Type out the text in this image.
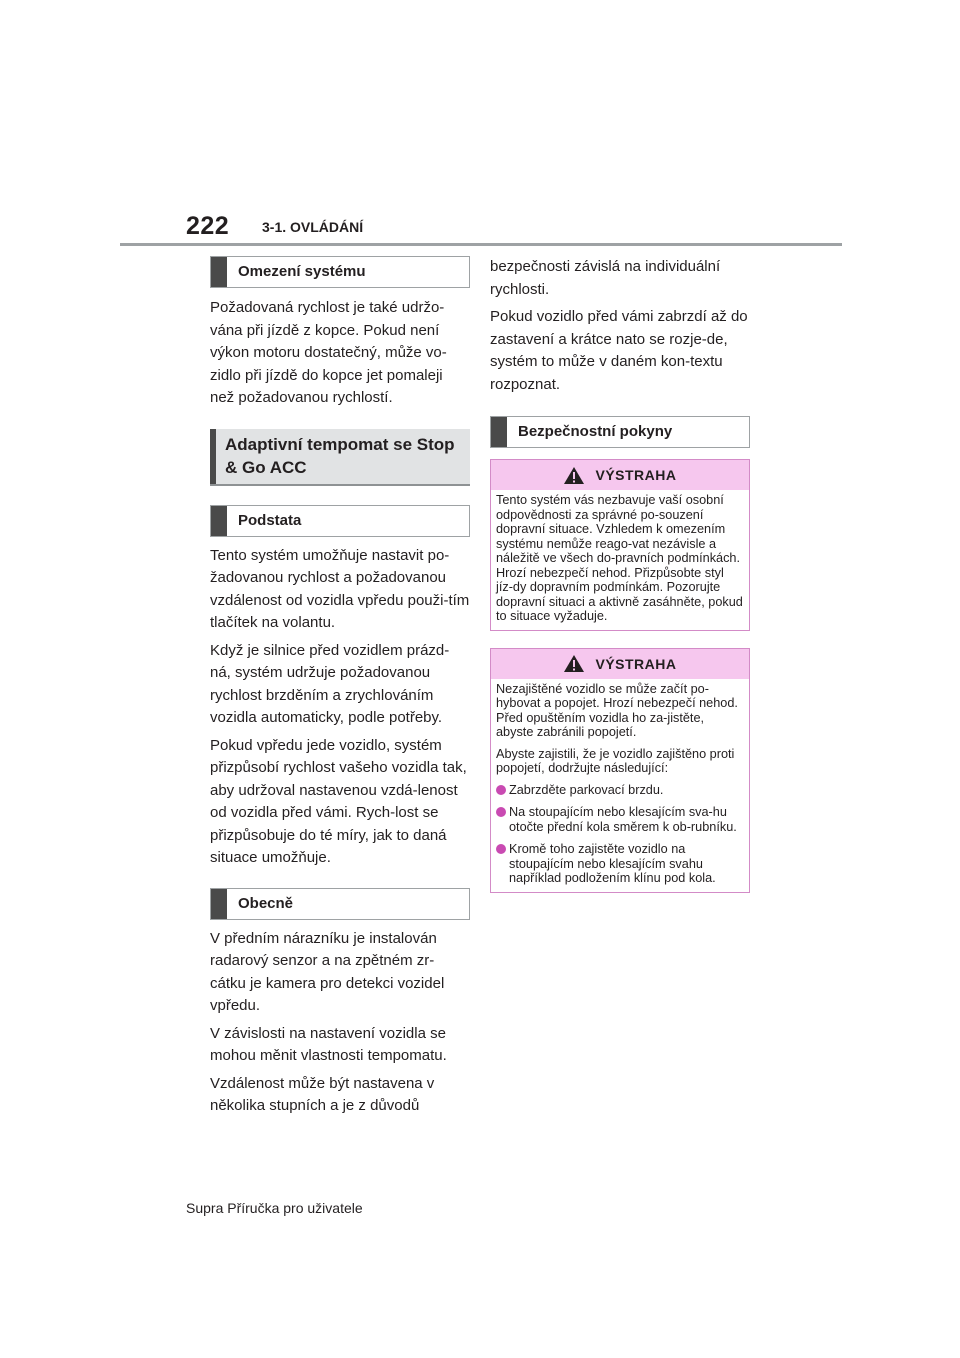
222 3-1. OVLÁDÁNÍ
Omezení systému

Požadovaná rychlost je také udržo-vána při jízdě z kopce. Pokud není výkon motoru dostatečný, může vo-zidlo při jízdě do kopce jet pomaleji než požadovanou rychlostí.

Adaptivní tempomat se Stop & Go ACC
Podstata

Tento systém umožňuje nastavit po-žadovanou rychlost a požadovanou vzdálenost od vozidla vpředu použi-tím tlačítek na volantu.

Když je silnice před vozidlem prázd-ná, systém udržuje požadovanou rychlost brzděním a zrychlováním vozidla automaticky, podle potřeby.

Pokud vpředu jede vozidlo, systém přizpůsobí rychlost vašeho vozidla tak, aby udržoval nastavenou vzdá-lenost od vozidla před vámi. Rych-lost se přizpůsobuje do té míry, jak to daná situace umožňuje.

Obecně

V předním nárazníku je instalován radarový senzor a na zpětném zr-cátku je kamera pro detekci vozidel vpředu.

V závislosti na nastavení vozidla se mohou měnit vlastnosti tempomatu.

Vzdálenost může být nastavena v několika stupních a je z důvodů

bezpečnosti závislá na individuální rychlosti.

Pokud vozidlo před vámi zabrzdí až do zastavení a krátce nato se rozje-de, systém to může v daném kon-textu rozpoznat.

Bezpečnostní pokyny
VÝSTRAHA

Tento systém vás nezbavuje vaší osobní odpovědnosti za správné po-souzení dopravní situace. Vzhledem k omezením systému nemůže reago-vat nezávisle a náležitě ve všech do-pravních podmínkách. Hrozí nebezpečí nehod. Přizpůsobte styl jíz-dy dopravním podmínkám. Pozorujte dopravní situaci a aktivně zasáhněte, pokud to situace vyžaduje.

VÝSTRAHA

Nezajištěné vozidlo se může začít po-hybovat a popojet. Hrozí nebezpečí nehod. Před opuštěním vozidla ho za-jistěte, abyste zabránili popojetí.

Abyste zajistili, že je vozidlo zajištěno proti popojetí, dodržujte následující:

Zabrzděte parkovací brzdu.
Na stoupajícím nebo klesajícím sva-hu otočte přední kola směrem k ob-rubníku.
Kromě toho zajistěte vozidlo na stoupajícím nebo klesajícím svahu například podložením klínu pod kola.
Supra Příručka pro uživatele
